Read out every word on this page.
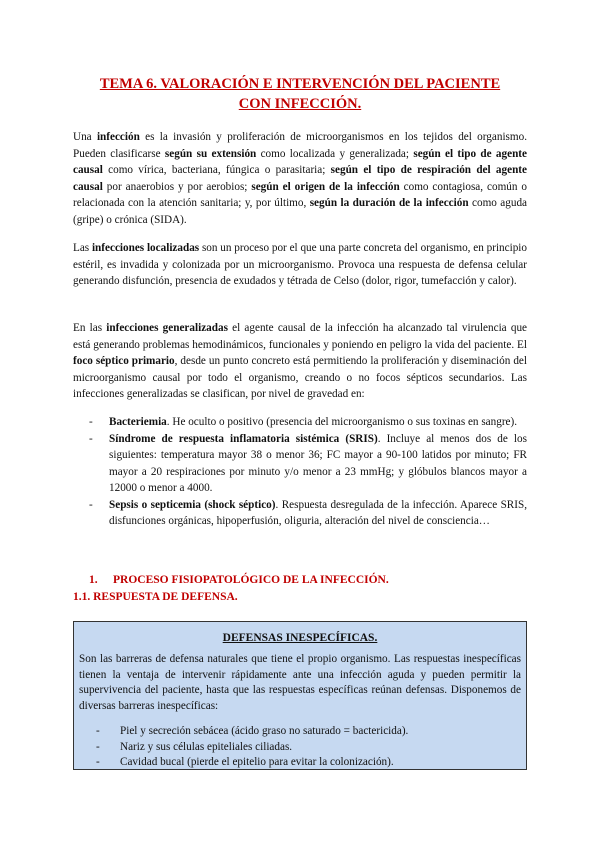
TEMA 6. VALORACIÓN E INTERVENCIÓN DEL PACIENTE
CON INFECCIÓN.

Una infección es la invasión y proliferación de microorganismos en los tejidos del organismo. Pueden clasificarse según su extensión como localizada y generalizada; según el tipo de agente causal como vírica, bacteriana, fúngica o parasitaria; según el tipo de respiración del agente causal por anaerobios y por aerobios; según el origen de la infección como contagiosa, común o relacionada con la atención sanitaria; y, por último, según la duración de la infección como aguda (gripe) o crónica (SIDA).

Las infecciones localizadas son un proceso por el que una parte concreta del organismo, en principio estéril, es invadida y colonizada por un microorganismo. Provoca una respuesta de defensa celular generando disfunción, presencia de exudados y tétrada de Celso (dolor, rigor, tumefacción y calor).

En las infecciones generalizadas el agente causal de la infección ha alcanzado tal virulencia que está generando problemas hemodinámicos, funcionales y poniendo en peligro la vida del paciente. El foco séptico primario, desde un punto concreto está permitiendo la proliferación y diseminación del microorganismo causal por todo el organismo, creando o no focos sépticos secundarios. Las infecciones generalizadas se clasifican, por nivel de gravedad en:

- Bacteriemia. He oculto o positivo (presencia del microorganismo o sus toxinas en sangre).
- Síndrome de respuesta inflamatoria sistémica (SRIS). Incluye al menos dos de los siguientes: temperatura mayor 38 o menor 36; FC mayor a 90-100 latidos por minuto; FR mayor a 20 respiraciones por minuto y/o menor a 23 mmHg; y glóbulos blancos mayor a 12000 o menor a 4000.
- Sepsis o septicemia (shock séptico). Respuesta desregulada de la infección. Aparece SRIS, disfunciones orgánicas, hipoperfusión, oliguria, alteración del nivel de consciencia…
1. PROCESO FISIOPATOLÓGICO DE LA INFECCIÓN.
1.1. RESPUESTA DE DEFENSA.
DEFENSAS INESPECÍFICAS.
Son las barreras de defensa naturales que tiene el propio organismo. Las respuestas inespecíficas tienen la ventaja de intervenir rápidamente ante una infección aguda y pueden permitir la supervivencia del paciente, hasta que las respuestas específicas reúnan defensas. Disponemos de diversas barreras inespecíficas:
- Piel y secreción sebácea (ácido graso no saturado = bactericida).
- Nariz y sus células epiteliales ciliadas.
- Cavidad bucal (pierde el epitelio para evitar la colonización).
